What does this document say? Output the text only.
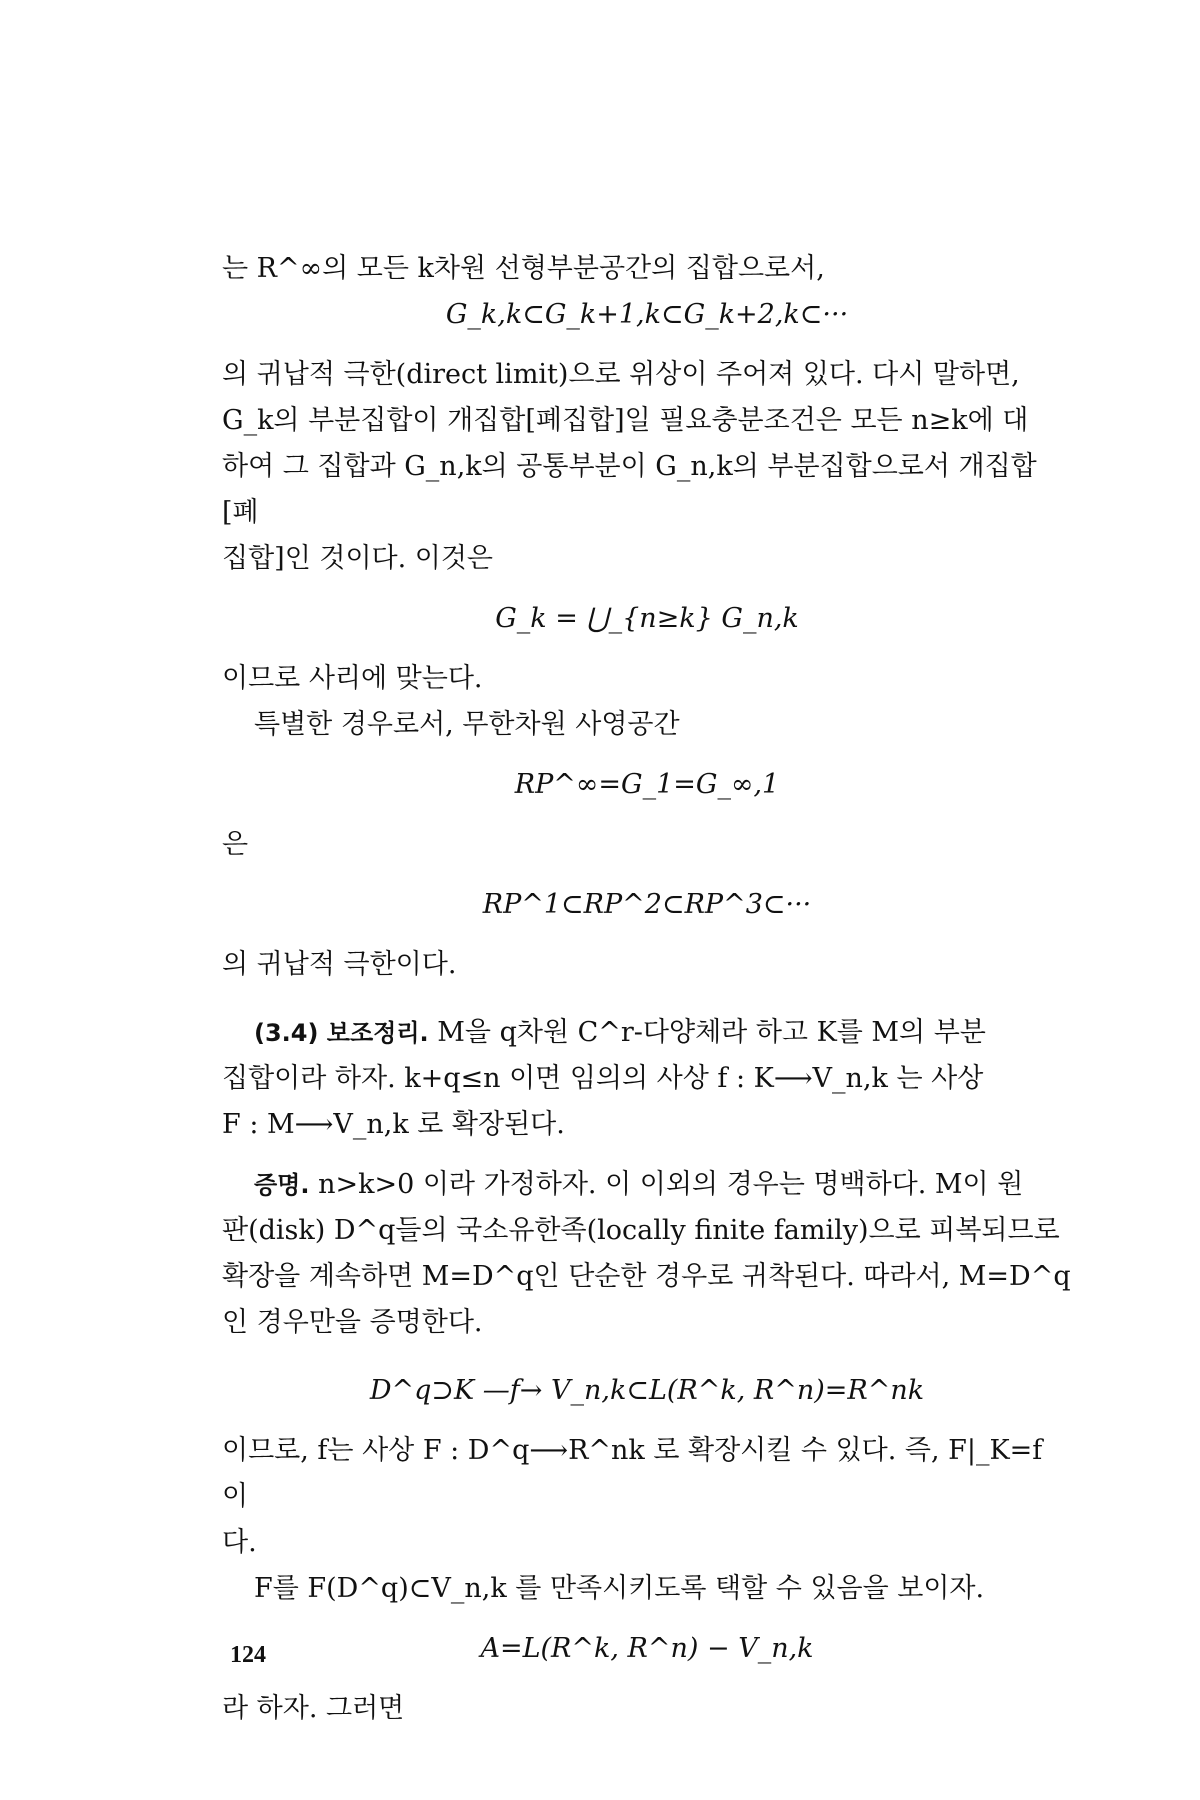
는 R^∞의 모든 k차원 선형부분공간의 집합으로서,

G_k,k⊂G_k+1,k⊂G_k+2,k⊂···

의 귀납적 극한(direct limit)으로 위상이 주어져 있다. 다시 말하면,

G_k의 부분집합이 개집합[폐집합]일 필요충분조건은 모든 n≥k에 대

하여 그 집합과 G_n,k의 공통부분이 G_n,k의 부분집합으로서 개집합[폐

집합]인 것이다. 이것은

G_k = ⋃_{n≥k} G_n,k

이므로 사리에 맞는다.

특별한 경우로서, 무한차원 사영공간

RP^∞=G_1=G_∞,1

은

RP^1⊂RP^2⊂RP^3⊂···

의 귀납적 극한이다.

(3.4) 보조정리. M을 q차원 C^r-다양체라 하고 K를 M의 부분

집합이라 하자. k+q≤n 이면 임의의 사상 f : K⟶V_n,k 는 사상

F : M⟶V_n,k 로 확장된다.

증명. n>k>0 이라 가정하자. 이 이외의 경우는 명백하다. M이 원

판(disk) D^q들의 국소유한족(locally finite family)으로 피복되므로

확장을 계속하면 M=D^q인 단순한 경우로 귀착된다. 따라서, M=D^q

인 경우만을 증명한다.

D^q⊃K —f→ V_n,k⊂L(R^k, R^n)=R^nk

이므로, f는 사상 F : D^q⟶R^nk 로 확장시킬 수 있다. 즉, F|_K=f 이

다.

F를 F(D^q)⊂V_n,k 를 만족시키도록 택할 수 있음을 보이자.

A=L(R^k, R^n) − V_n,k

라 하자. 그러면

124
